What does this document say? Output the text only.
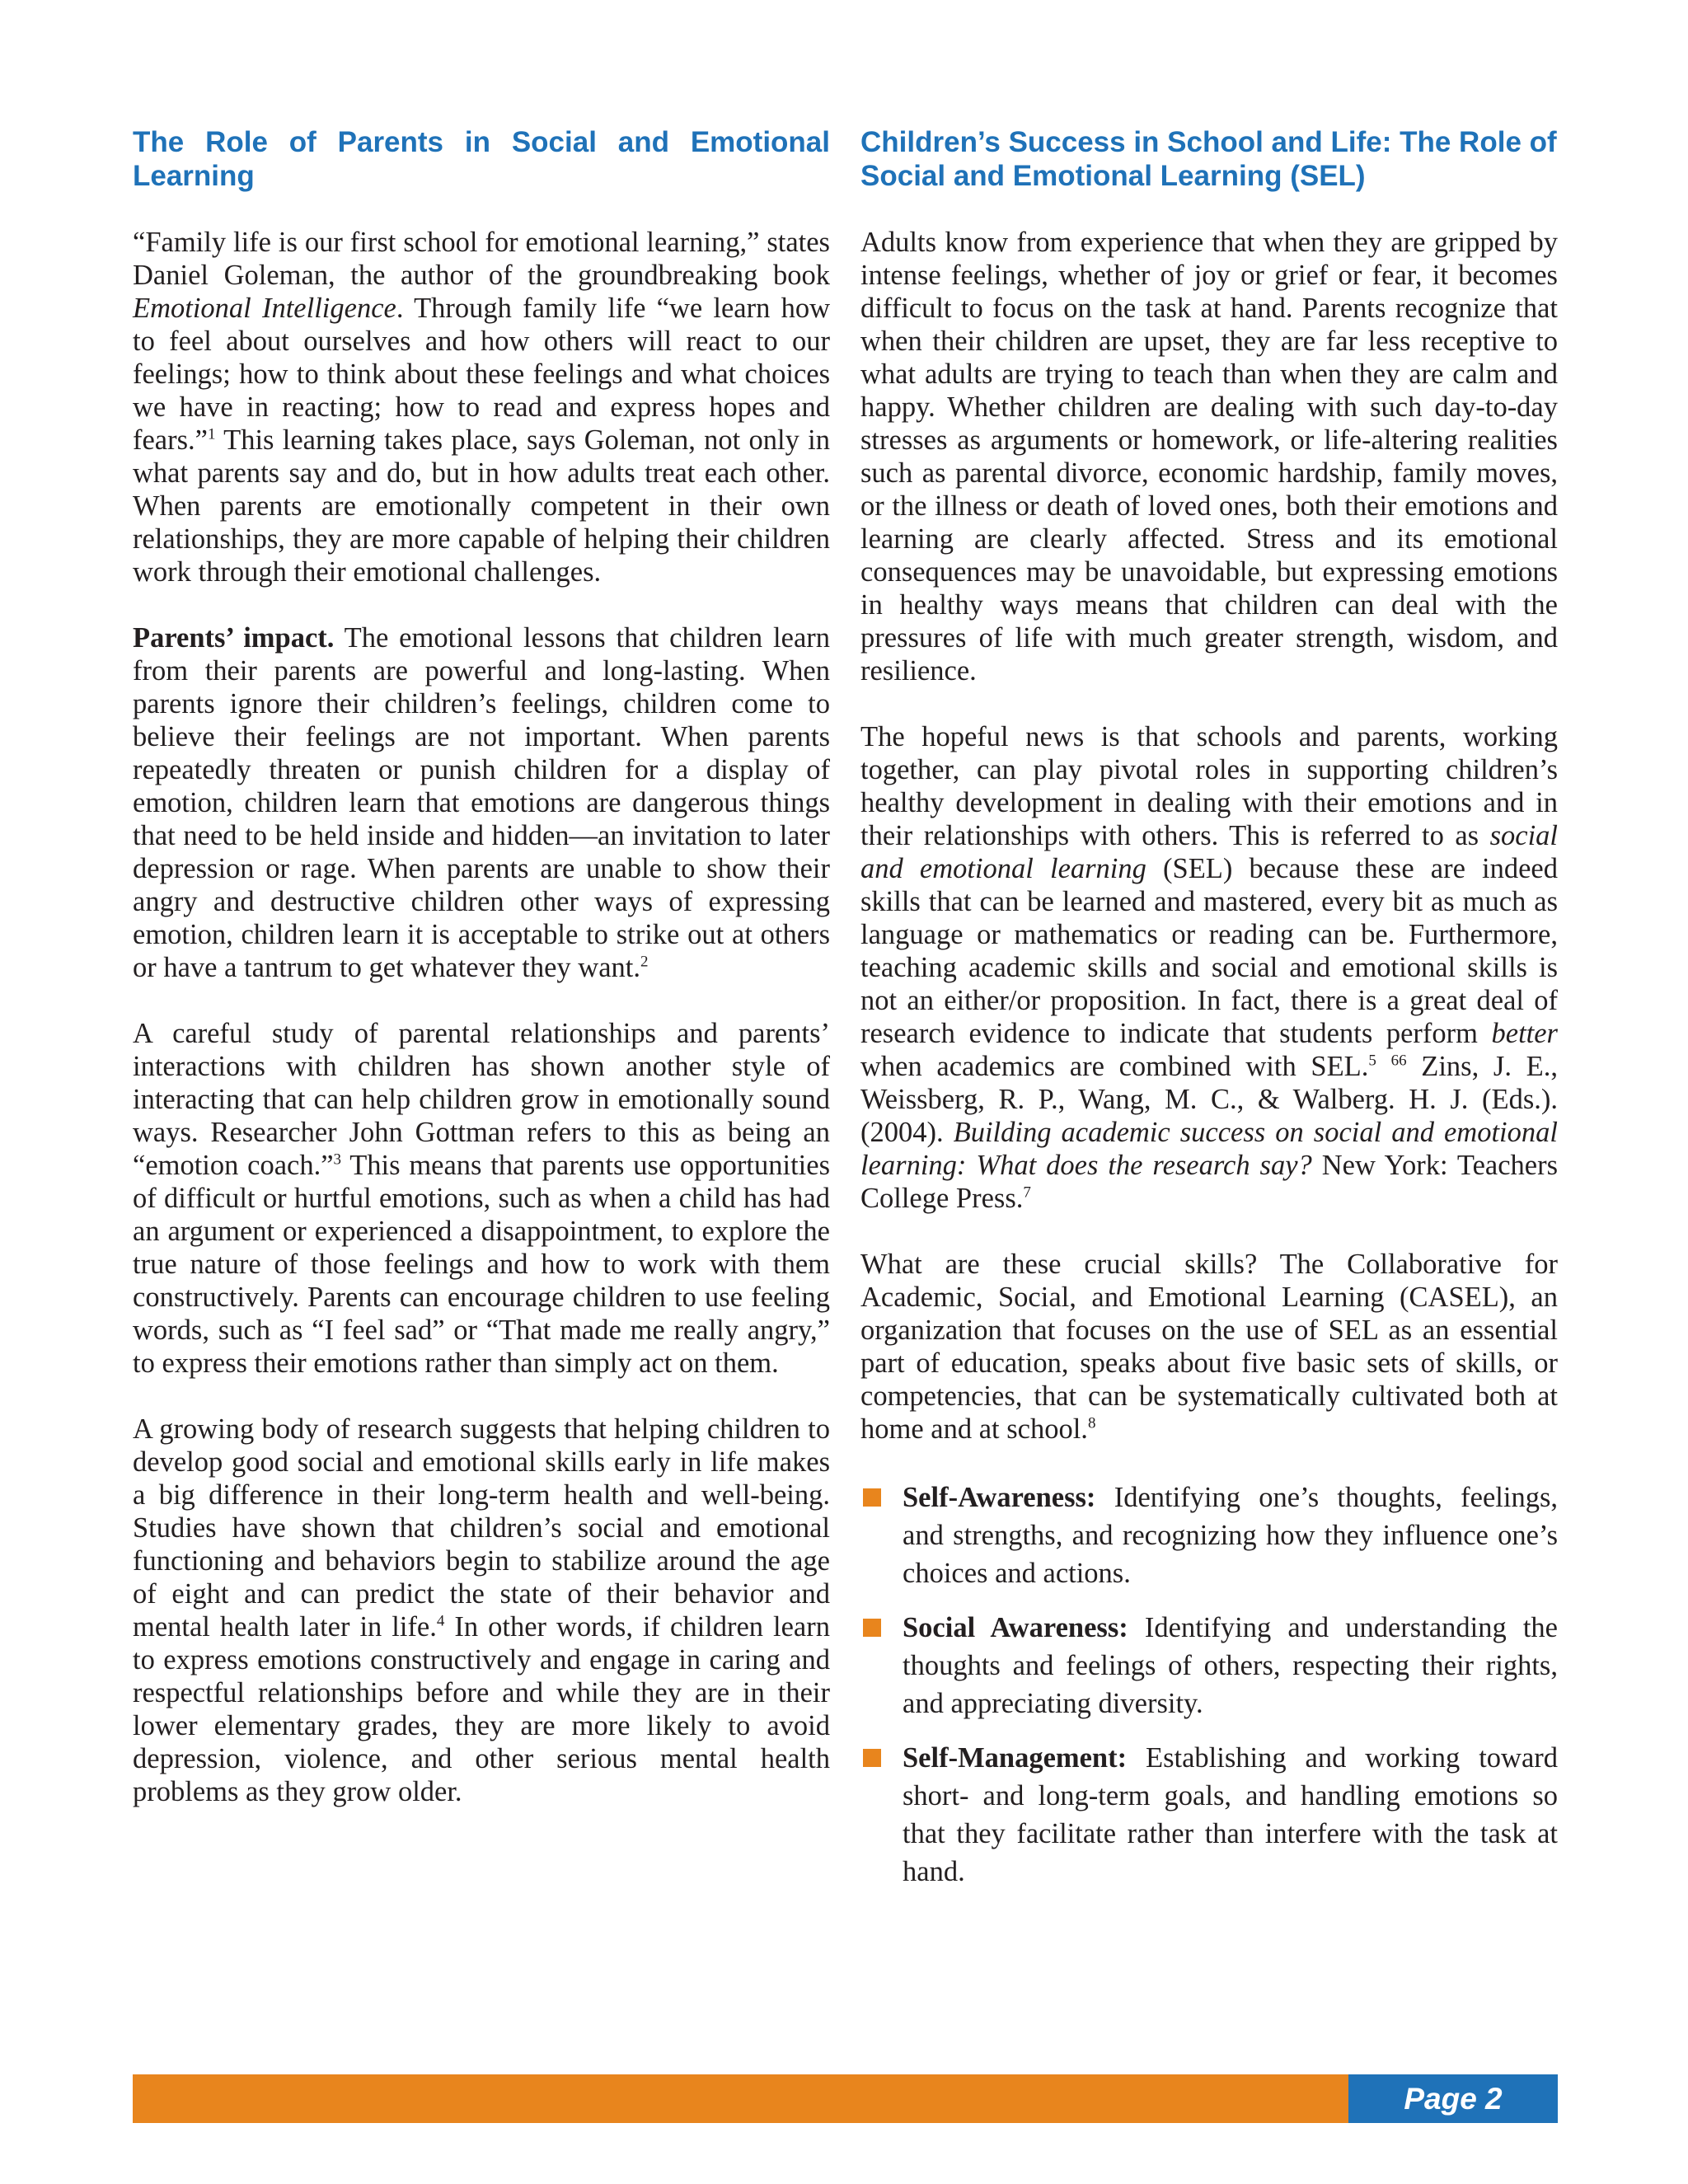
The Role of Parents in Social and Emotional Learning

“Family life is our first school for emotional learning,” states Daniel Goleman, the author of the groundbreaking book Emotional Intelligence. Through family life “we learn how to feel about ourselves and how others will react to our feelings; how to think about these feelings and what choices we have in reacting; how to read and express hopes and fears.”$^1$ This learning takes place, says Goleman, not only in what parents say and do, but in how adults treat each other. When parents are emotionally competent in their own relationships, they are more capable of helping their children work through their emotional challenges.

Parents’ impact. The emotional lessons that children learn from their parents are powerful and long-lasting. When parents ignore their children’s feelings, children come to believe their feelings are not important. When parents repeatedly threaten or punish children for a display of emotion, children learn that emotions are dangerous things that need to be held inside and hidden—an invitation to later depression or rage. When parents are unable to show their angry and destructive children other ways of expressing emotion, children learn it is acceptable to strike out at others or have a tantrum to get whatever they want.$^2$

A careful study of parental relationships and parents’ interactions with children has shown another style of interacting that can help children grow in emotionally sound ways. Researcher John Gottman refers to this as being an “emotion coach.”$^3$ This means that parents use opportunities of difficult or hurtful emotions, such as when a child has had an argument or experienced a disappointment, to explore the true nature of those feelings and how to work with them constructively. Parents can encourage children to use feeling words, such as “I feel sad” or “That made me really angry,” to express their emotions rather than simply act on them.

A growing body of research suggests that helping children to develop good social and emotional skills early in life makes a big difference in their long-term health and well-being. Studies have shown that children’s social and emotional functioning and behaviors begin to stabilize around the age of eight and can predict the state of their behavior and mental health later in life.$^4$ In other words, if children learn to express emotions constructively and engage in caring and respectful relationships before and while they are in their lower elementary grades, they are more likely to avoid depression, violence, and other serious mental health problems as they grow older.

Children’s Success in School and Life: The Role of Social and Emotional Learning (SEL)

Adults know from experience that when they are gripped by intense feelings, whether of joy or grief or fear, it becomes difficult to focus on the task at hand. Parents recognize that when their children are upset, they are far less receptive to what adults are trying to teach than when they are calm and happy. Whether children are dealing with such day-to-day stresses as arguments or homework, or life-altering realities such as parental divorce, economic hardship, family moves, or the illness or death of loved ones, both their emotions and learning are clearly affected. Stress and its emotional consequences may be unavoidable, but expressing emotions in healthy ways means that children can deal with the pressures of life with much greater strength, wisdom, and resilience.

The hopeful news is that schools and parents, working together, can play pivotal roles in supporting children’s healthy development in dealing with their emotions and in their relationships with others. This is referred to as social and emotional learning (SEL) because these are indeed skills that can be learned and mastered, every bit as much as language or mathematics or reading can be. Furthermore, teaching academic skills and social and emotional skills is not an either/or proposition. In fact, there is a great deal of research evidence to indicate that students perform better when academics are combined with SEL.$^5$ $^{66}$ Zins, J. E., Weissberg, R. P., Wang, M. C., & Walberg. H. J. (Eds.). (2004). Building academic success on social and emotional learning: What does the research say? New York: Teachers College Press.$^7$

What are these crucial skills? The Collaborative for Academic, Social, and Emotional Learning (CASEL), an organization that focuses on the use of SEL as an essential part of education, speaks about five basic sets of skills, or competencies, that can be systematically cultivated both at home and at school.$^8$

Self-Awareness: Identifying one’s thoughts, feelings, and strengths, and recognizing how they influence one’s choices and actions.
Social Awareness: Identifying and understanding the thoughts and feelings of others, respecting their rights, and appreciating diversity.
Self-Management: Establishing and working toward short- and long-term goals, and handling emotions so that they facilitate rather than interfere with the task at hand.
Page 2
